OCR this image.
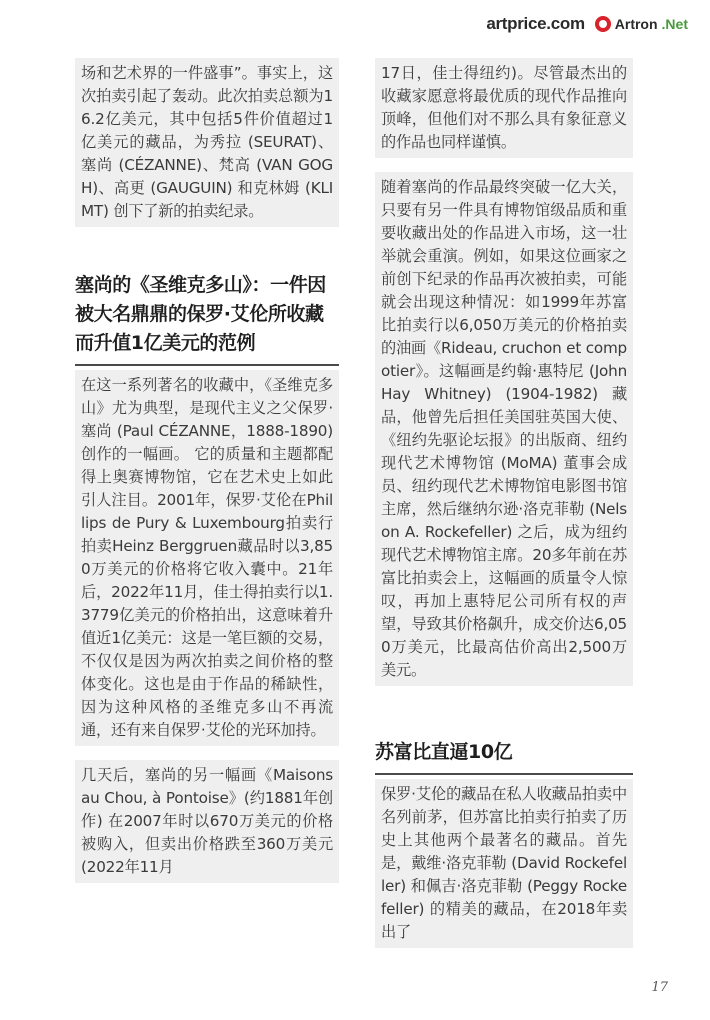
artprice.com Artron .Net

场和艺术界的一件盛事”。事实上，这次拍卖引起了轰动。此次拍卖总额为16.2亿美元，其中包括5件价值超过1亿美元的藏品，为秀拉 (SEURAT)、塞尚 (CÉZANNE)、梵高 (VAN GOGH)、高更 (GAUGUIN) 和克林姆 (KLIMT) 创下了新的拍卖纪录。

塞尚的《圣维克多山》：一件因被大名鼎鼎的保罗·艾伦所收藏而升值1亿美元的范例

在这一系列著名的收藏中，《圣维克多山》尤为典型，是现代主义之父保罗·塞尚 (Paul CÉZANNE，1888-1890) 创作的一幅画。 它的质量和主题都配得上奥赛博物馆，它在艺术史上如此引人注目。2001年，保罗·艾伦在Phillips de Pury & Luxembourg拍卖行拍卖Heinz Berggruen藏品时以3,850万美元的价格将它收入囊中。21年后，2022年11月，佳士得拍卖行以1.3779亿美元的价格拍出，这意味着升值近1亿美元：这是一笔巨额的交易，不仅仅是因为两次拍卖之间价格的整体变化。这也是由于作品的稀缺性，因为这种风格的圣维克多山不再流通，还有来自保罗·艾伦的光环加持。

几天后，塞尚的另一幅画《Maisons au Chou, à Pontoise》(约1881年创作) 在2007年时以670万美元的价格被购入，但卖出价格跌至360万美元 (2022年11月

17日，佳士得纽约)。尽管最杰出的收藏家愿意将最优质的现代作品推向顶峰，但他们对不那么具有象征意义的作品也同样谨慎。

随着塞尚的作品最终突破一亿大关，只要有另一件具有博物馆级品质和重要收藏出处的作品进入市场，这一壮举就会重演。例如，如果这位画家之前创下纪录的作品再次被拍卖，可能就会出现这种情况：如1999年苏富比拍卖行以6,050万美元的价格拍卖的油画《Rideau, cruchon et compotier》。这幅画是约翰·惠特尼 (John Hay Whitney) (1904-1982) 藏品，他曾先后担任美国驻英国大使、《纽约先驱论坛报》的出版商、纽约现代艺术博物馆 (MoMA) 董事会成员、纽约现代艺术博物馆电影图书馆主席，然后继纳尔逊·洛克菲勒 (Nelson A. Rockefeller) 之后，成为纽约现代艺术博物馆主席。20多年前在苏富比拍卖会上，这幅画的质量令人惊叹，再加上惠特尼公司所有权的声望，导致其价格飙升，成交价达6,050万美元，比最高估价高出2,500万美元。

苏富比直逼10亿

保罗·艾伦的藏品在私人收藏品拍卖中名列前茅，但苏富比拍卖行拍卖了历史上其他两个最著名的藏品。首先是，戴维·洛克菲勒 (David Rockefeller) 和佩吉·洛克菲勒 (Peggy Rockefeller) 的精美的藏品，在2018年卖出了

17
